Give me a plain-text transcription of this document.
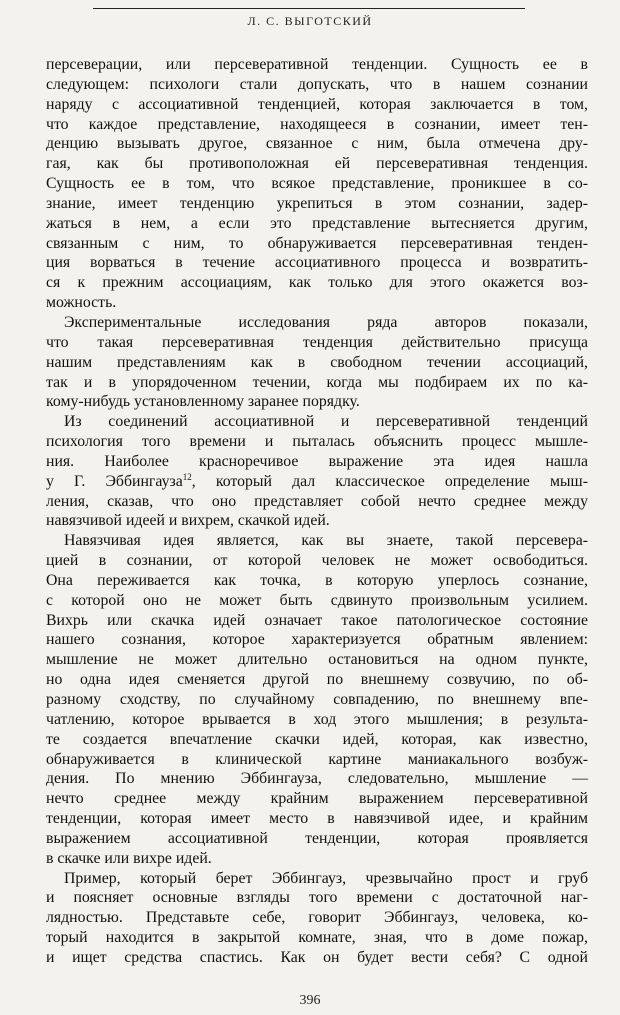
Л. С. ВЫГОТСКИЙ
персеверации, или персеверативной тенденции. Сущность ее в
следующем: психологи стали допускать, что в нашем сознании
наряду с ассоциативной тенденцией, которая заключается в том,
что каждое представление, находящееся в сознании, имеет тен-
денцию вызывать другое, связанное с ним, была отмечена дру-
гая, как бы противоположная ей персеверативная тенденция.
Сущность ее в том, что всякое представление, проникшее в со-
знание, имеет тенденцию укрепиться в этом сознании, задер-
жаться в нем, а если это представление вытесняется другим,
связанным с ним, то обнаруживается персеверативная тенден-
ция ворваться в течение ассоциативного процесса и возвратить-
ся к прежним ассоциациям, как только для этого окажется воз-
можность.
Экспериментальные исследования ряда авторов показали,
что такая персеверативная тенденция действительно присуща
нашим представлениям как в свободном течении ассоциаций,
так и в упорядоченном течении, когда мы подбираем их по ка-
кому-нибудь установленному заранее порядку.
Из соединений ассоциативной и персеверативной тенденций
психология того времени и пыталась объяснить процесс мышле-
ния. Наиболее красноречивое выражение эта идея нашла
у Г. Эббингауза$^{12}$, который дал классическое определение мыш-
ления, сказав, что оно представляет собой нечто среднее между
навязчивой идеей и вихрем, скачкой идей.
Навязчивая идея является, как вы знаете, такой персевера-
цией в сознании, от которой человек не может освободиться.
Она переживается как точка, в которую уперлось сознание,
с которой оно не может быть сдвинуто произвольным усилием.
Вихрь или скачка идей означает такое патологическое состояние
нашего сознания, которое характеризуется обратным явлением:
мышление не может длительно остановиться на одном пункте,
но одна идея сменяется другой по внешнему созвучию, по об-
разному сходству, по случайному совпадению, по внешнему впе-
чатлению, которое врывается в ход этого мышления; в результа-
те создается впечатление скачки идей, которая, как известно,
обнаруживается в клинической картине маниакального возбуж-
дения. По мнению Эббингауза, следовательно, мышление —
нечто среднее между крайним выражением персеверативной
тенденции, которая имеет место в навязчивой идее, и крайним
выражением ассоциативной тенденции, которая проявляется
в скачке или вихре идей.
Пример, который берет Эббингауз, чрезвычайно прост и груб
и поясняет основные взгляды того времени с достаточной наг-
лядностью. Представьте себе, говорит Эббингауз, человека, ко-
торый находится в закрытой комнате, зная, что в доме пожар,
и ищет средства спастись. Как он будет вести себя? С одной
396
